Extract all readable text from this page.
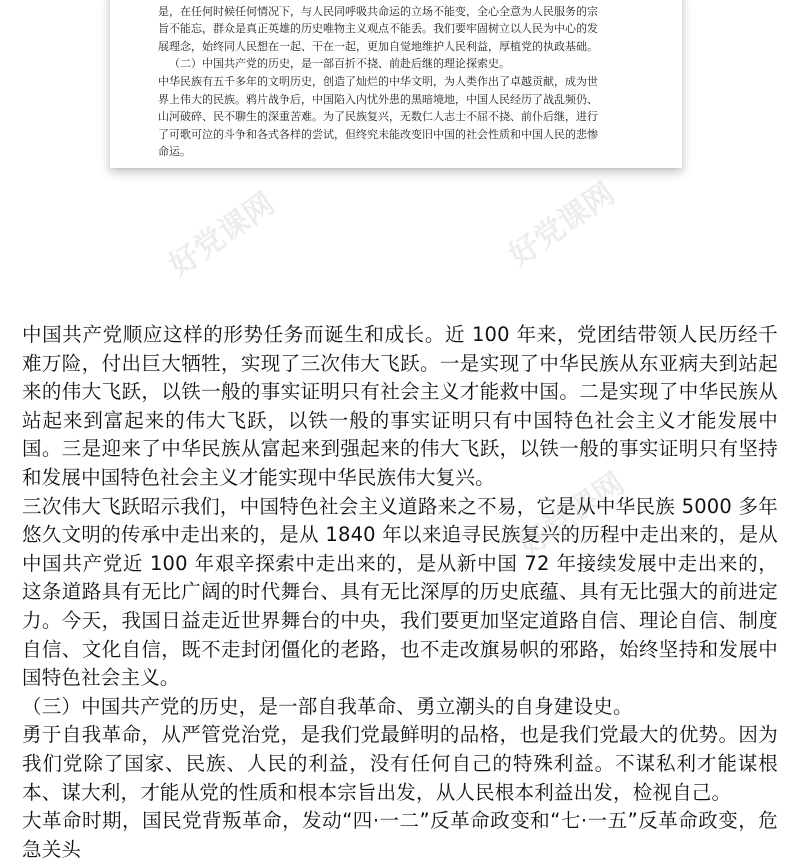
是，在任何时候任何情况下，与人民同呼吸共命运的立场不能变，全心全意为人民服务的宗

旨不能忘，群众是真正英雄的历史唯物主义观点不能丢。我们要牢固树立以人民为中心的发

展理念，始终同人民想在一起、干在一起，更加自觉地维护人民利益，厚植党的执政基础。

（二）中国共产党的历史，是一部百折不挠、前赴后继的理论探索史。

中华民族有五千多年的文明历史，创造了灿烂的中华文明，为人类作出了卓越贡献，成为世

界上伟大的民族。鸦片战争后，中国陷入内忧外患的黑暗境地，中国人民经历了战乱频仍、

山河破碎、民不聊生的深重苦难。为了民族复兴，无数仁人志士不屈不挠、前仆后继，进行

了可歌可泣的斗争和各式各样的尝试，但终究未能改变旧中国的社会性质和中国人民的悲惨

命运。

好党课网	好党课网
好党课网

中国共产党顺应这样的形势任务而诞生和成长。近 100 年来，党团结带领人民历经千难万险，付出巨大牺牲，实现了三次伟大飞跃。一是实现了中华民族从东亚病夫到站起来的伟大飞跃，以铁一般的事实证明只有社会主义才能救中国。二是实现了中华民族从站起来到富起来的伟大飞跃，以铁一般的事实证明只有中国特色社会主义才能发展中国。三是迎来了中华民族从富起来到强起来的伟大飞跃，以铁一般的事实证明只有坚持和发展中国特色社会主义才能实现中华民族伟大复兴。

三次伟大飞跃昭示我们，中国特色社会主义道路来之不易，它是从中华民族 5000 多年悠久文明的传承中走出来的，是从 1840 年以来追寻民族复兴的历程中走出来的，是从中国共产党近 100 年艰辛探索中走出来的，是从新中国 72 年接续发展中走出来的，这条道路具有无比广阔的时代舞台、具有无比深厚的历史底蕴、具有无比强大的前进定力。今天，我国日益走近世界舞台的中央，我们要更加坚定道路自信、理论自信、制度自信、文化自信，既不走封闭僵化的老路，也不走改旗易帜的邪路，始终坚持和发展中国特色社会主义。

（三）中国共产党的历史，是一部自我革命、勇立潮头的自身建设史。

勇于自我革命，从严管党治党，是我们党最鲜明的品格，也是我们党最大的优势。因为我们党除了国家、民族、人民的利益，没有任何自己的特殊利益。不谋私利才能谋根本、谋大利，才能从党的性质和根本宗旨出发，从人民根本利益出发，检视自己。

大革命时期，国民党背叛革命，发动“四·一二”反革命政变和“七·一五”反革命政变，危急关头
